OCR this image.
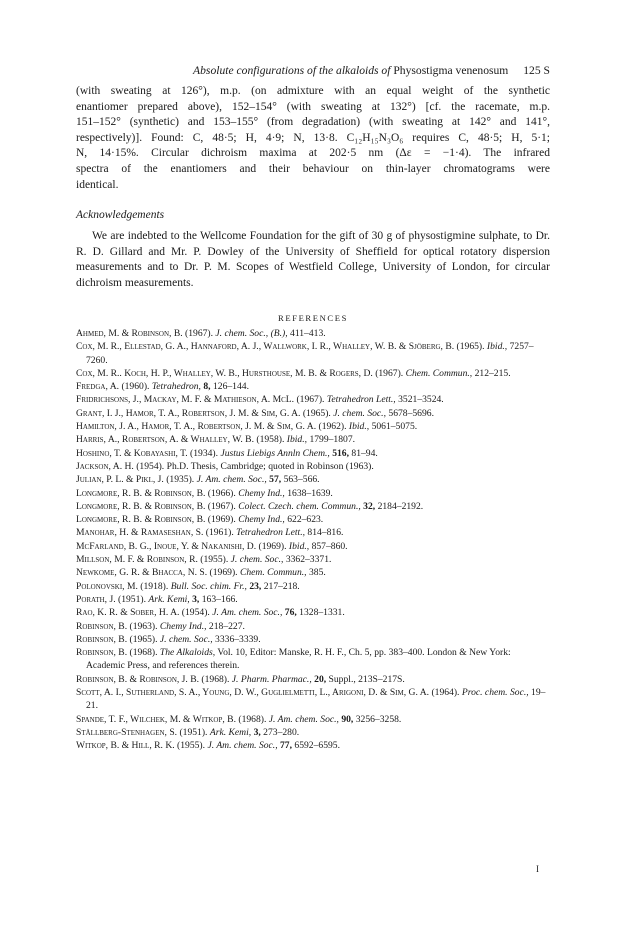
Absolute configurations of the alkaloids of Physostigma venenosum 125 S
(with sweating at 126°), m.p. (on admixture with an equal weight of the synthetic
enantiomer prepared above), 152–154° (with sweating at 132°) [cf. the racemate, m.p.
151–152° (synthetic) and 153–155° (from degradation) (with sweating at 142° and 141°,
respectively)]. Found: C, 48·5; H, 4·9; N, 13·8. C₁₂H₁₅N₃O₆ requires C, 48·5; H, 5·1;
N, 14·15%. Circular dichroism maxima at 202·5 nm (Δε = −1·4). The infrared
spectra of the enantiomers and their behaviour on thin-layer chromatograms were
identical.
Acknowledgements
We are indebted to the Wellcome Foundation for the gift of 30 g of physostigmine sulphate, to Dr. R. D. Gillard and Mr. P. Dowley of the University of Sheffield for optical rotatory dispersion measurements and to Dr. P. M. Scopes of Westfield College, University of London, for circular dichroism measurements.
REFERENCES
Ahmed, M. & Robinson, B. (1967). J. chem. Soc., (B.), 411–413.
Cox, M. R., Ellestad, G. A., Hannaford, A. J., Wallwork, I. R., Whalley, W. B. & Sjöberg, B. (1965). Ibid., 7257–7260.
Cox, M. R.. Koch, H. P., Whalley, W. B., Hursthouse, M. B. & Rogers, D. (1967). Chem. Commun., 212–215.
Fredga, A. (1960). Tetrahedron, 8, 126–144.
Fridrichsons, J., Mackay, M. F. & Mathieson, A. McL. (1967). Tetrahedron Lett., 3521–3524.
Grant, I. J., Hamor, T. A., Robertson, J. M. & Sim, G. A. (1965). J. chem. Soc., 5678–5696.
Hamilton, J. A., Hamor, T. A., Robertson, J. M. & Sim, G. A. (1962). Ibid., 5061–5075.
Harris, A., Robertson, A. & Whalley, W. B. (1958). Ibid., 1799–1807.
Hoshino, T. & Kobayashi, T. (1934). Justus Liebigs Annln Chem., 516, 81–94.
Jackson, A. H. (1954). Ph.D. Thesis, Cambridge; quoted in Robinson (1963).
Julian, P. L. & Pikl, J. (1935). J. Am. chem. Soc., 57, 563–566.
Longmore, R. B. & Robinson, B. (1966). Chemy Ind., 1638–1639.
Longmore, R. B. & Robinson, B. (1967). Colect. Czech. chem. Commun., 32, 2184–2192.
Longmore, R. B. & Robinson, B. (1969). Chemy Ind., 622–623.
Manohar, H. & Ramaseshan, S. (1961). Tetrahedron Lett., 814–816.
McFarland, B. G., Inoue, Y. & Nakanishi, D. (1969). Ibid., 857–860.
Millson, M. F. & Robinson, R. (1955). J. chem. Soc., 3362–3371.
Newkome, G. R. & Bhacca, N. S. (1969). Chem. Commun., 385.
Polonovski, M. (1918). Bull. Soc. chim. Fr., 23, 217–218.
Porath, J. (1951). Ark. Kemi, 3, 163–166.
Rao, K. R. & Sober, H. A. (1954). J. Am. chem. Soc., 76, 1328–1331.
Robinson, B. (1963). Chemy Ind., 218–227.
Robinson, B. (1965). J. chem. Soc., 3336–3339.
Robinson, B. (1968). The Alkaloids, Vol. 10, Editor: Manske, R. H. F., Ch. 5, pp. 383–400. London & New York: Academic Press, and references therein.
Robinson, B. & Robinson, J. B. (1968). J. Pharm. Pharmac., 20, Suppl., 213S–217S.
Scott, A. I., Sutherland, S. A., Young, D. W., Guglielmetti, L., Arigoni, D. & Sim, G. A. (1964). Proc. chem. Soc., 19–21.
Spande, T. F., Wilchek, M. & Witkop, B. (1968). J. Am. chem. Soc., 90, 3256–3258.
Ställberg-Stenhagen, S. (1951). Ark. Kemi, 3, 273–280.
Witkop, B. & Hill, R. K. (1955). J. Am. chem. Soc., 77, 6592–6595.
I
